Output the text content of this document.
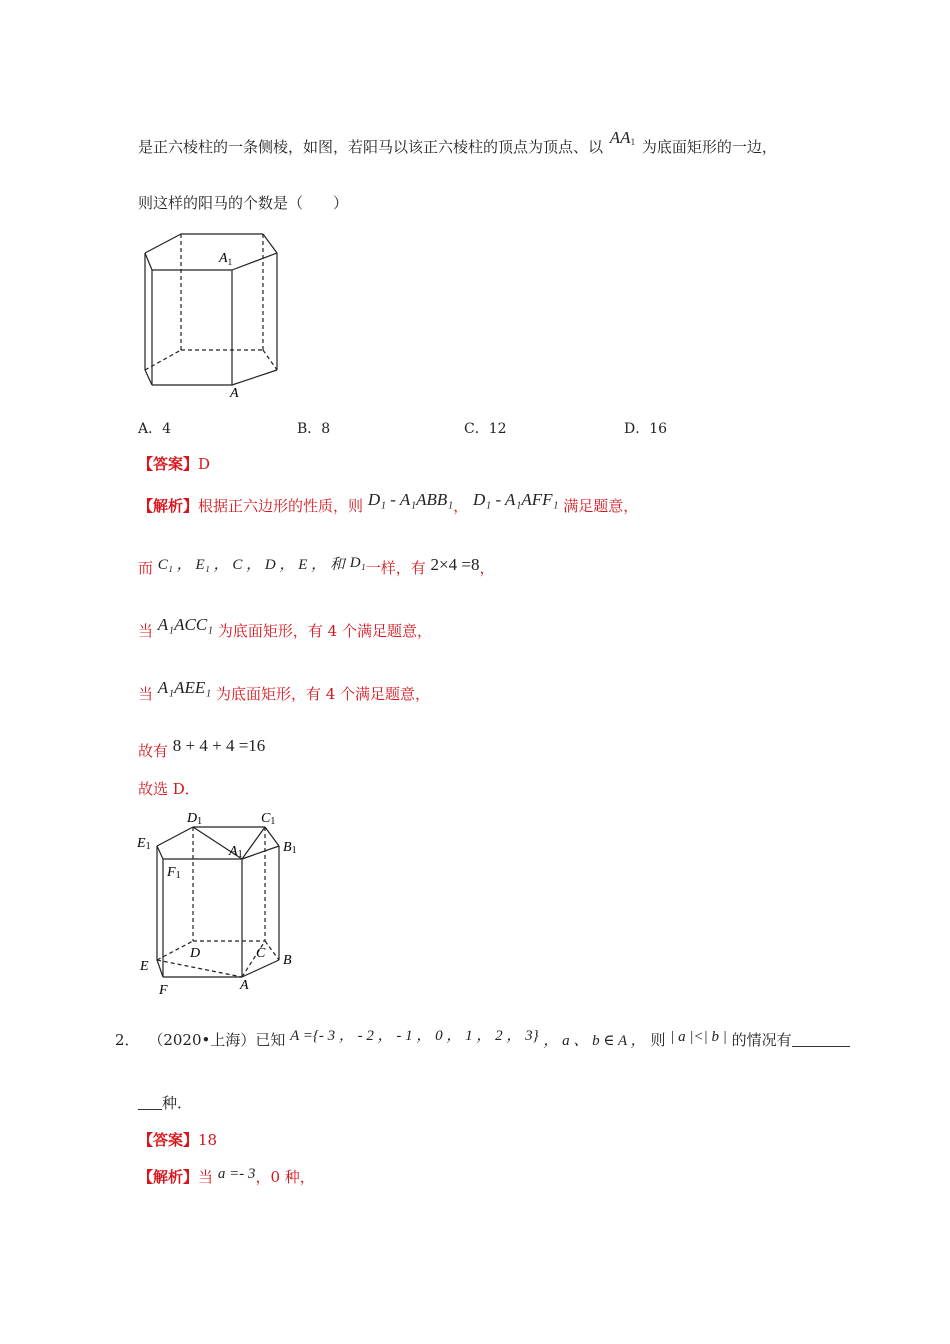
是正六棱柱的一条侧棱，如图，若阳马以该正六棱柱的顶点为顶点、以 $AA_1$ 为底面矩形的一边，
则这样的阳马的个数是（　　）
$A_1$
A
A．4	B．8	C．12	D．16
【答案】D
【解析】根据正六边形的性质，则 D₁ - A₁ABB₁， D₁ - A₁AFF₁ 满足题意，
而 C₁ ， E₁ ， C ， D ， E ， 和 D₁一样，有 2×4 =8，
当 A₁ACC₁ 为底面矩形，有 4 个满足题意，
当 A₁AEE₁ 为底面矩形，有 4 个满足题意，
故有 8 + 4 + 4 =16
故选 D．
D1	C1
E1	A1	B1
F1
D	C
E	B
F	A
2． （2020•上海）已知 A ={- 3 ， - 2 ， - 1 ， 0 ， 1 ， 2 ， 3} ， a 、 b ∈ A ， 则 | a |<| b | 的情况有
种．
【答案】18
【解析】当 a =- 3，0 种，
